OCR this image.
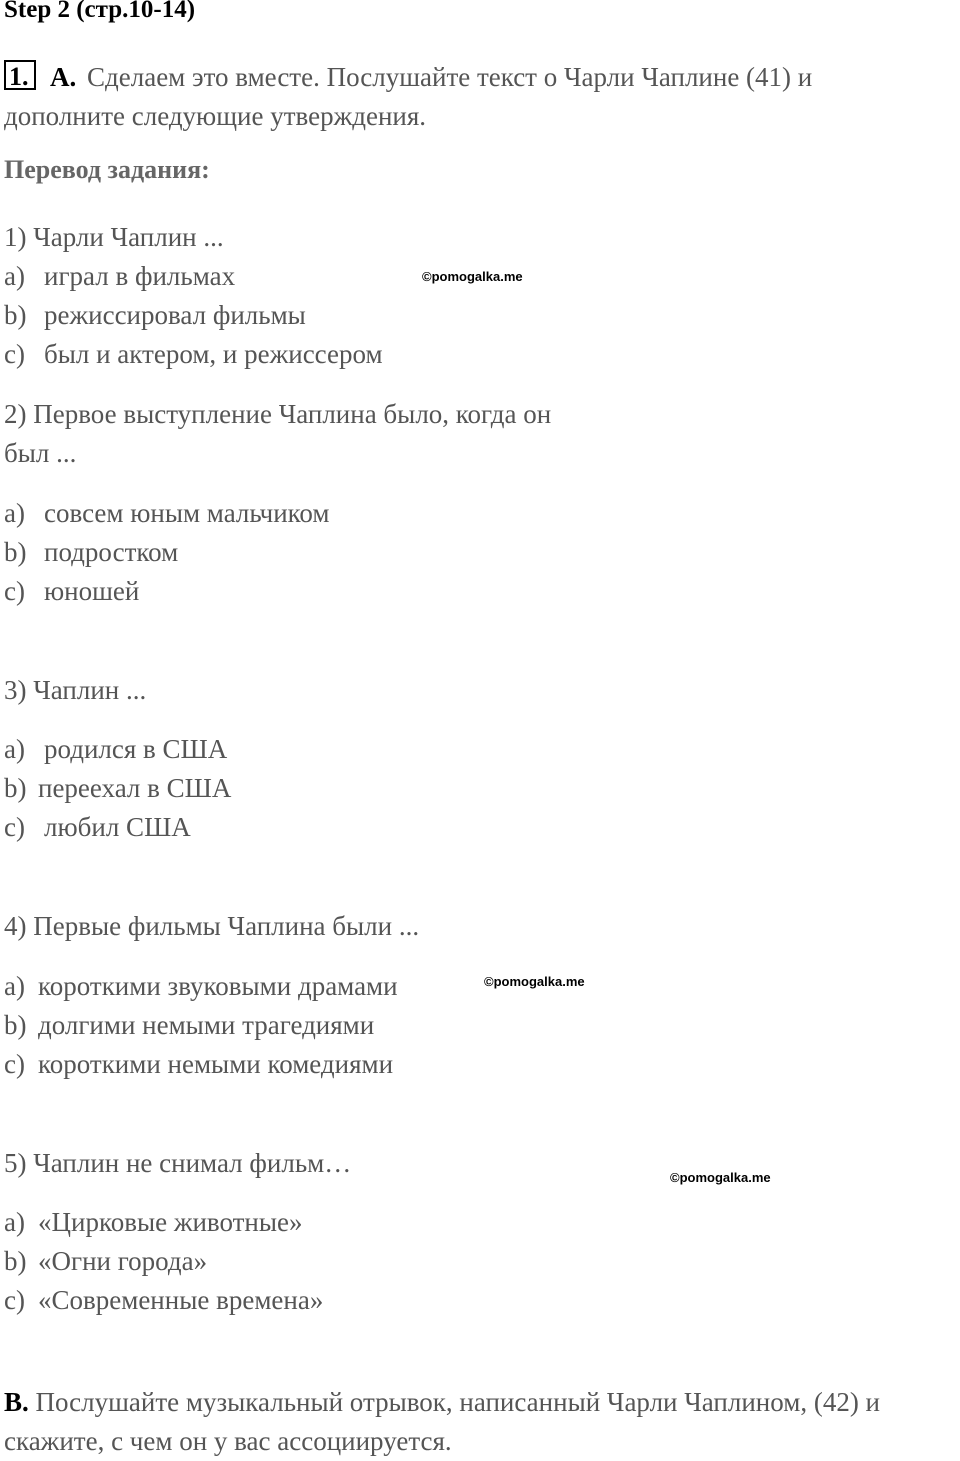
Step 2 (стр.10-14)
1. A. Сделаем это вместе. Послушайте текст о Чарли Чаплине (41) и
дополните следующие утверждения.
Перевод задания:
1) Чарли Чаплин ...
a) играл в фильмах
b) режиссировал фильмы
c) был и актером, и режиссером
©pomogalka.me
2) Первое выступление Чаплина было, когда он
был ...
a) совсем юным мальчиком
b) подростком
c) юношей
3) Чаплин ...
a) родился в США
b) переехал в США
c) любил США
4) Первые фильмы Чаплина были ...
a) короткими звуковыми драмами
b) долгими немыми трагедиями
c) короткими немыми комедиями
©pomogalka.me
5) Чаплин не снимал фильм…
a) «Цирковые животные»
b) «Огни города»
c) «Современные времена»
©pomogalka.me
B. Послушайте музыкальный отрывок, написанный Чарли Чаплином, (42) и скажите, с чем он у вас ассоциируется.
